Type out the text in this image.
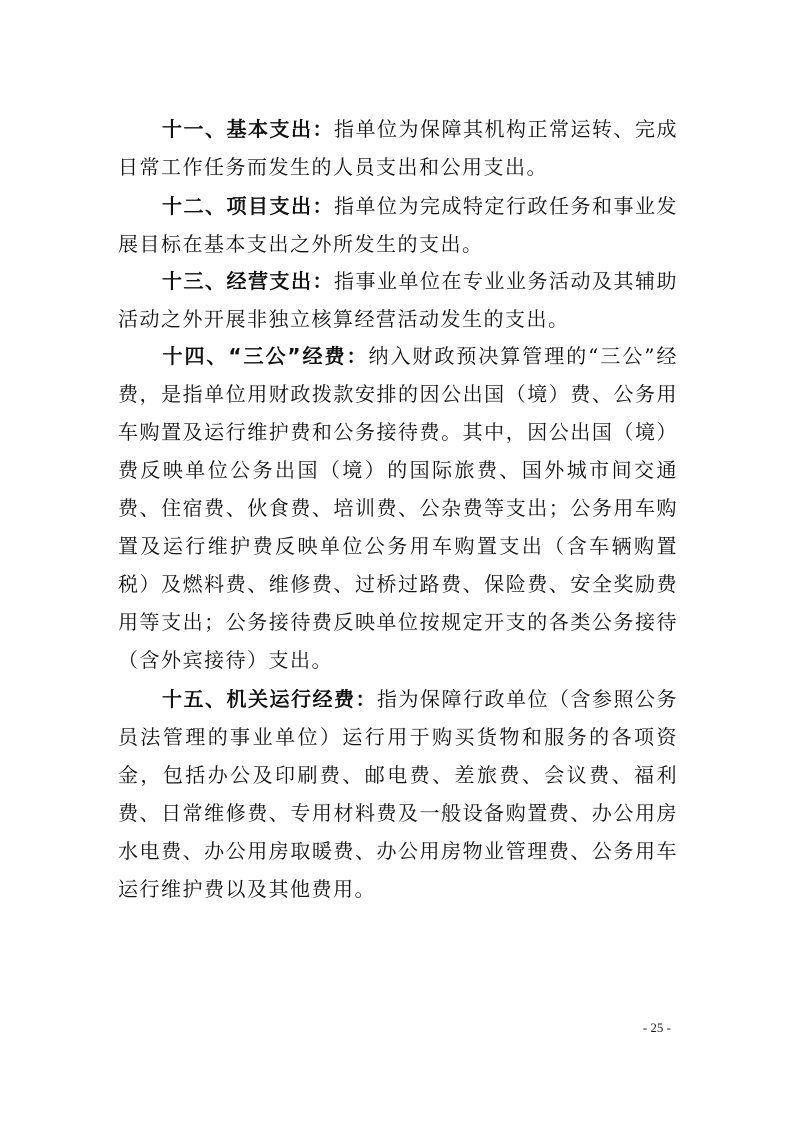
十一、基本支出：指单位为保障其机构正常运转、完成日常工作任务而发生的人员支出和公用支出。

十二、项目支出：指单位为完成特定行政任务和事业发展目标在基本支出之外所发生的支出。

十三、经营支出：指事业单位在专业业务活动及其辅助活动之外开展非独立核算经营活动发生的支出。

十四、“三公”经费：纳入财政预决算管理的“三公”经费，是指单位用财政拨款安排的因公出国（境）费、公务用车购置及运行维护费和公务接待费。其中，因公出国（境）费反映单位公务出国（境）的国际旅费、国外城市间交通费、住宿费、伙食费、培训费、公杂费等支出；公务用车购置及运行维护费反映单位公务用车购置支出（含车辆购置税）及燃料费、维修费、过桥过路费、保险费、安全奖励费用等支出；公务接待费反映单位按规定开支的各类公务接待（含外宾接待）支出。

十五、机关运行经费：指为保障行政单位（含参照公务员法管理的事业单位）运行用于购买货物和服务的各项资金，包括办公及印刷费、邮电费、差旅费、会议费、福利费、日常维修费、专用材料费及一般设备购置费、办公用房水电费、办公用房取暖费、办公用房物业管理费、公务用车运行维护费以及其他费用。

- 25 -
